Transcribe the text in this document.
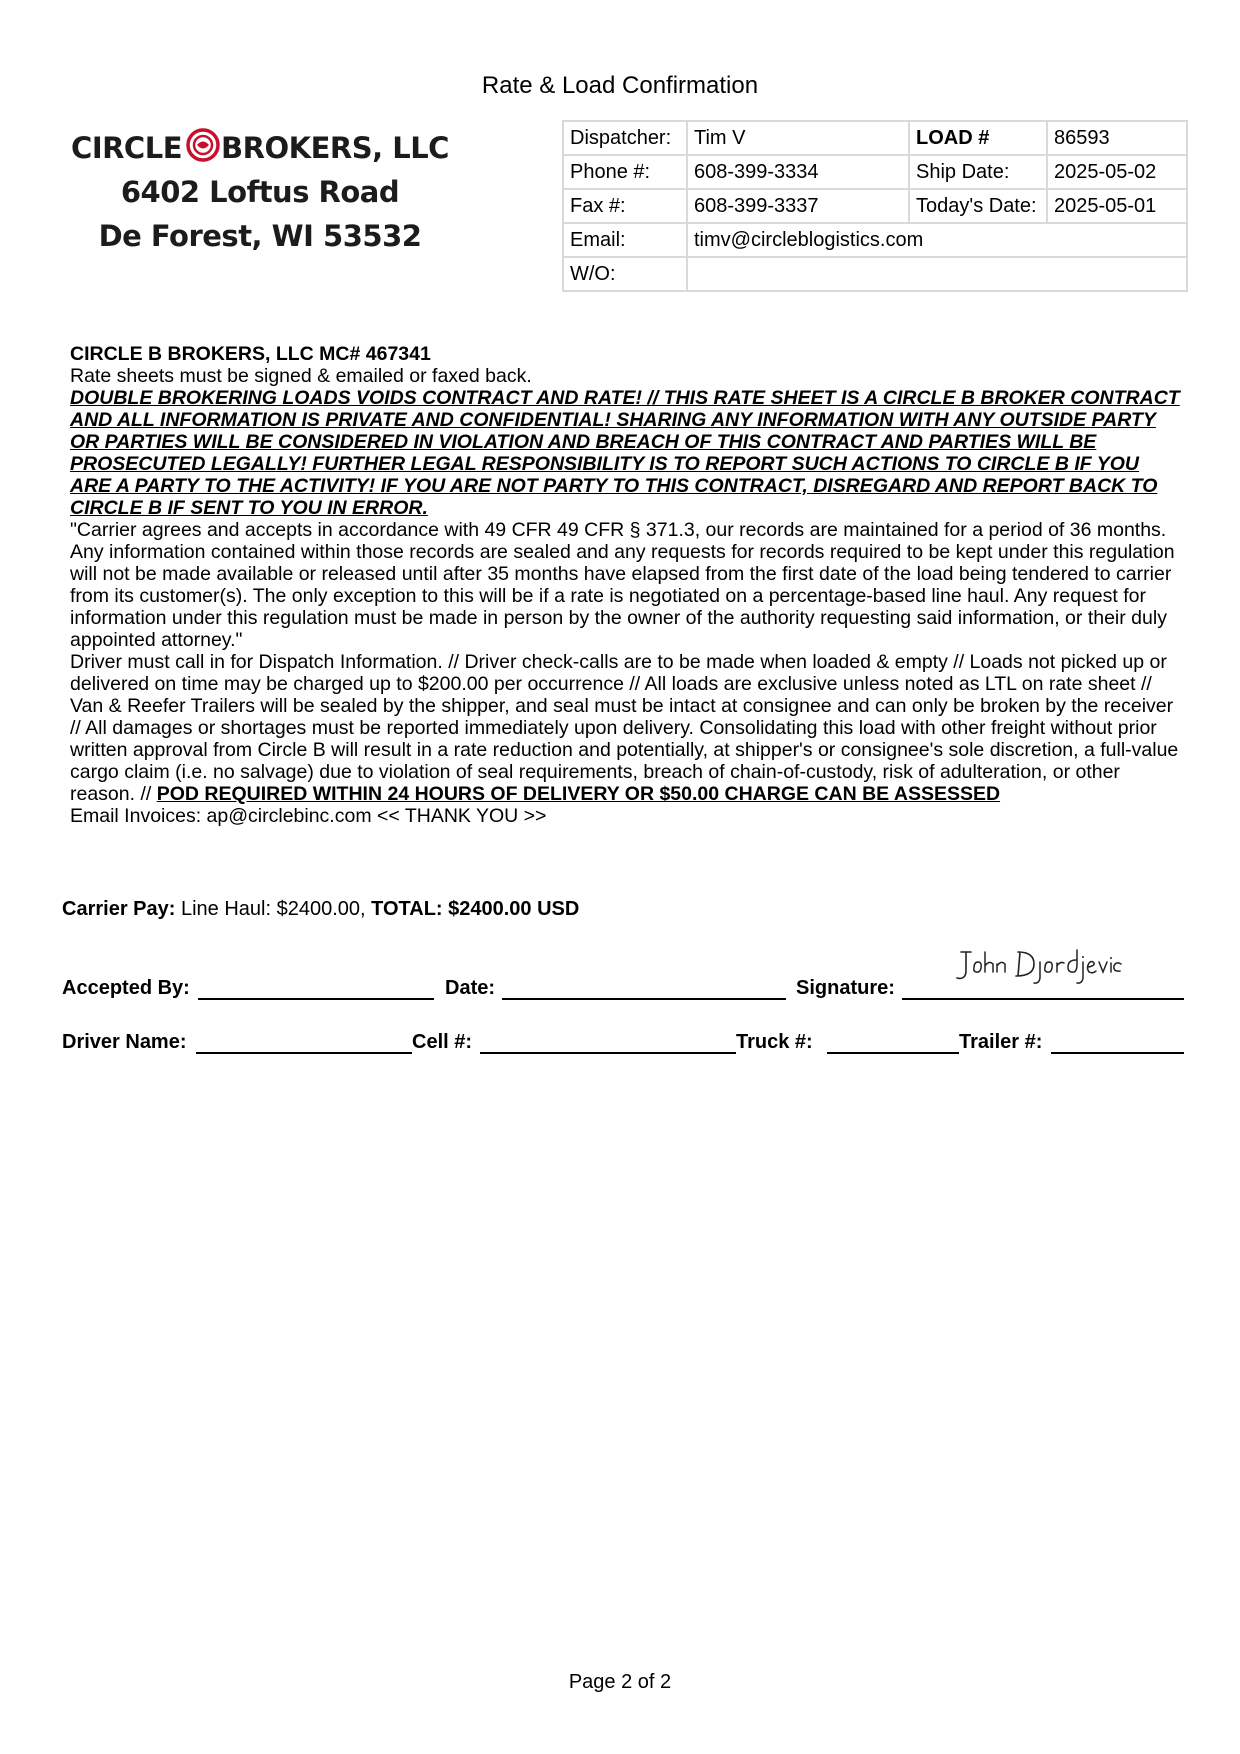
Rate & Load Confirmation
CIRCLE BROKERS, LLC
6402 Loftus Road
De Forest, WI 53532
Dispatcher:	Tim V	LOAD #	86593
Phone #:	608-399-3334	Ship Date:	2025-05-02
Fax #:	608-399-3337	Today's Date:	2025-05-01
Email:	timv@circleblogistics.com		
W/O:			

CIRCLE B BROKERS, LLC MC# 467341

Rate sheets must be signed & emailed or faxed back.

DOUBLE BROKERING LOADS VOIDS CONTRACT AND RATE! // THIS RATE SHEET IS A CIRCLE B BROKER CONTRACT AND ALL INFORMATION IS PRIVATE AND CONFIDENTIAL! SHARING ANY INFORMATION WITH ANY OUTSIDE PARTY OR PARTIES WILL BE CONSIDERED IN VIOLATION AND BREACH OF THIS CONTRACT AND PARTIES WILL BE PROSECUTED LEGALLY! FURTHER LEGAL RESPONSIBILITY IS TO REPORT SUCH ACTIONS TO CIRCLE B IF YOU ARE A PARTY TO THE ACTIVITY! IF YOU ARE NOT PARTY TO THIS CONTRACT, DISREGARD AND REPORT BACK TO CIRCLE B IF SENT TO YOU IN ERROR.

"Carrier agrees and accepts in accordance with 49 CFR 49 CFR § 371.3, our records are maintained for a period of 36 months. Any information contained within those records are sealed and any requests for records required to be kept under this regulation will not be made available or released until after 35 months have elapsed from the first date of the load being tendered to carrier from its customer(s). The only exception to this will be if a rate is negotiated on a percentage-based line haul. Any request for information under this regulation must be made in person by the owner of the authority requesting said information, or their duly appointed attorney."

Driver must call in for Dispatch Information. // Driver check-calls are to be made when loaded & empty // Loads not picked up or delivered on time may be charged up to $200.00 per occurrence // All loads are exclusive unless noted as LTL on rate sheet // Van & Reefer Trailers will be sealed by the shipper, and seal must be intact at consignee and can only be broken by the receiver // All damages or shortages must be reported immediately upon delivery. Consolidating this load with other freight without prior written approval from Circle B will result in a rate reduction and potentially, at shipper's or consignee's sole discretion, a full-value cargo claim (i.e. no salvage) due to violation of seal requirements, breach of chain-of-custody, risk of adulteration, or other reason. // POD REQUIRED WITHIN 24 HOURS OF DELIVERY OR $50.00 CHARGE CAN BE ASSESSED

Email Invoices: ap@circlebinc.com << THANK YOU >>

Carrier Pay: Line Haul: $2400.00, TOTAL: $2400.00 USD
Accepted By:	Date:	Signature:
Driver Name:	Cell #:	Truck #:	Trailer #:
Page 2 of 2
